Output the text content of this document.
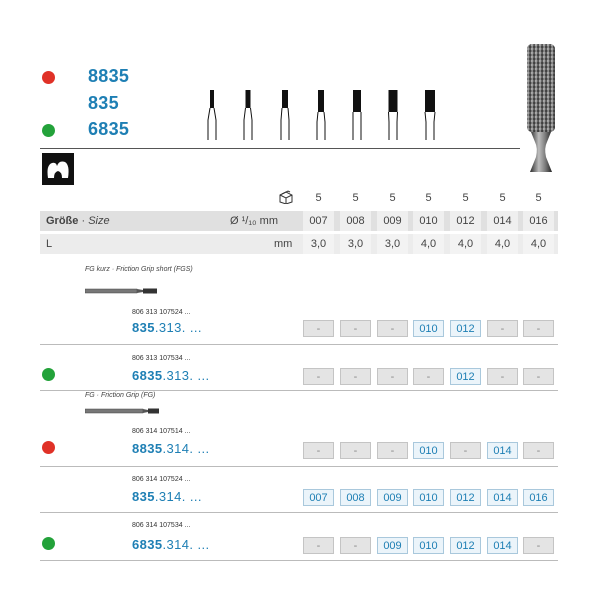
8835
835
6835
5	5	5	5	5	5	5
Größe · Size	Ø ¹/₁₀ mm	007	008	009	010	012	014	016
L	mm	3,0	3,0	3,0	4,0	4,0	4,0	4,0
FG kurz · Friction Grip short (FGS)
806 313 107524 ...
835.313. ...	-	-	-	010	012	-	-
806 313 107534 ...
6835.313. ...	-	-	-	-	012	-	-
FG · Friction Grip (FG)
806 314 107514 ...
8835.314. ...	-	-	-	010	-	014	-
806 314 107524 ...
835.314. ...	007	008	009	010	012	014	016
806 314 107534 ...
6835.314. ...	-	-	009	010	012	014	-
